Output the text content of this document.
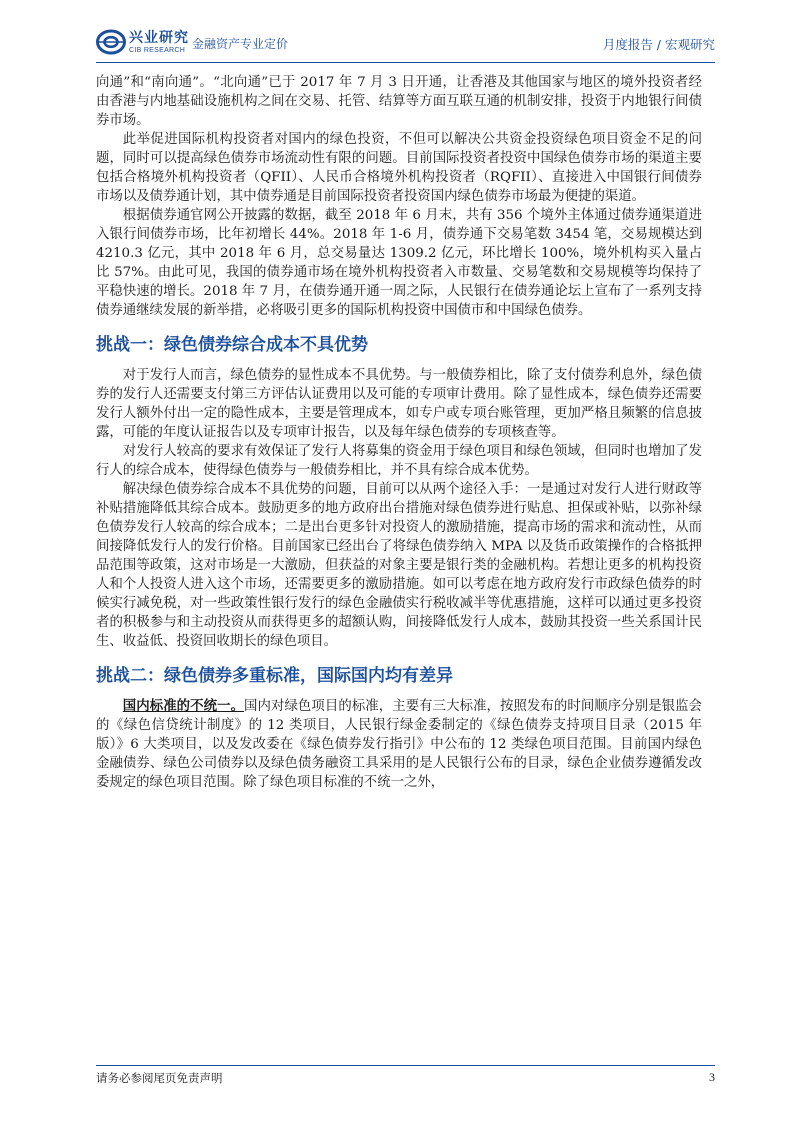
兴业研究
CIB RESEARCH 金融资产专业定价	月度报告 / 宏观研究

向通”和“南向通”。“北向通”已于 2017 年 7 月 3 日开通，让香港及其他国家与地区的境外投资者经由香港与内地基础设施机构之间在交易、托管、结算等方面互联互通的机制安排，投资于内地银行间债券市场。

此举促进国际机构投资者对国内的绿色投资，不但可以解决公共资金投资绿色项目资金不足的问题，同时可以提高绿色债券市场流动性有限的问题。目前国际投资者投资中国绿色债券市场的渠道主要包括合格境外机构投资者（QFII）、人民币合格境外机构投资者（RQFII）、直接进入中国银行间债券市场以及债券通计划，其中债券通是目前国际投资者投资国内绿色债券市场最为便捷的渠道。

根据债券通官网公开披露的数据，截至 2018 年 6 月末，共有 356 个境外主体通过债券通渠道进入银行间债券市场，比年初增长 44%。2018 年 1-6 月，债券通下交易笔数 3454 笔，交易规模达到 4210.3 亿元，其中 2018 年 6 月，总交易量达 1309.2 亿元，环比增长 100%，境外机构买入量占比 57%。由此可见，我国的债券通市场在境外机构投资者入市数量、交易笔数和交易规模等均保持了平稳快速的增长。2018 年 7 月，在债券通开通一周之际，人民银行在债券通论坛上宣布了一系列支持债券通继续发展的新举措，必将吸引更多的国际机构投资中国债市和中国绿色债券。

挑战一：绿色债券综合成本不具优势

对于发行人而言，绿色债券的显性成本不具优势。与一般债券相比，除了支付债券利息外，绿色债券的发行人还需要支付第三方评估认证费用以及可能的专项审计费用。除了显性成本，绿色债券还需要发行人额外付出一定的隐性成本，主要是管理成本，如专户或专项台账管理，更加严格且频繁的信息披露，可能的年度认证报告以及专项审计报告，以及每年绿色债券的专项核查等。

对发行人较高的要求有效保证了发行人将募集的资金用于绿色项目和绿色领域，但同时也增加了发行人的综合成本，使得绿色债券与一般债券相比，并不具有综合成本优势。

解决绿色债券综合成本不具优势的问题，目前可以从两个途径入手：一是通过对发行人进行财政等补贴措施降低其综合成本。鼓励更多的地方政府出台措施对绿色债券进行贴息、担保或补贴，以弥补绿色债券发行人较高的综合成本；二是出台更多针对投资人的激励措施，提高市场的需求和流动性，从而间接降低发行人的发行价格。目前国家已经出台了将绿色债券纳入 MPA 以及货币政策操作的合格抵押品范围等政策，这对市场是一大激励，但获益的对象主要是银行类的金融机构。若想让更多的机构投资人和个人投资人进入这个市场，还需要更多的激励措施。如可以考虑在地方政府发行市政绿色债券的时候实行减免税，对一些政策性银行发行的绿色金融债实行税收减半等优惠措施，这样可以通过更多投资者的积极参与和主动投资从而获得更多的超额认购，间接降低发行人成本，鼓励其投资一些关系国计民生、收益低、投资回收期长的绿色项目。

挑战二：绿色债券多重标准，国际国内均有差异

国内标准的不统一。国内对绿色项目的标准，主要有三大标准，按照发布的时间顺序分别是银监会的《绿色信贷统计制度》的 12 类项目，人民银行绿金委制定的《绿色债券支持项目目录（2015 年版）》6 大类项目，以及发改委在《绿色债券发行指引》中公布的 12 类绿色项目范围。目前国内绿色金融债券、绿色公司债券以及绿色债务融资工具采用的是人民银行公布的目录，绿色企业债券遵循发改委规定的绿色项目范围。除了绿色项目标准的不统一之外，

请务必参阅尾页免责声明	3
